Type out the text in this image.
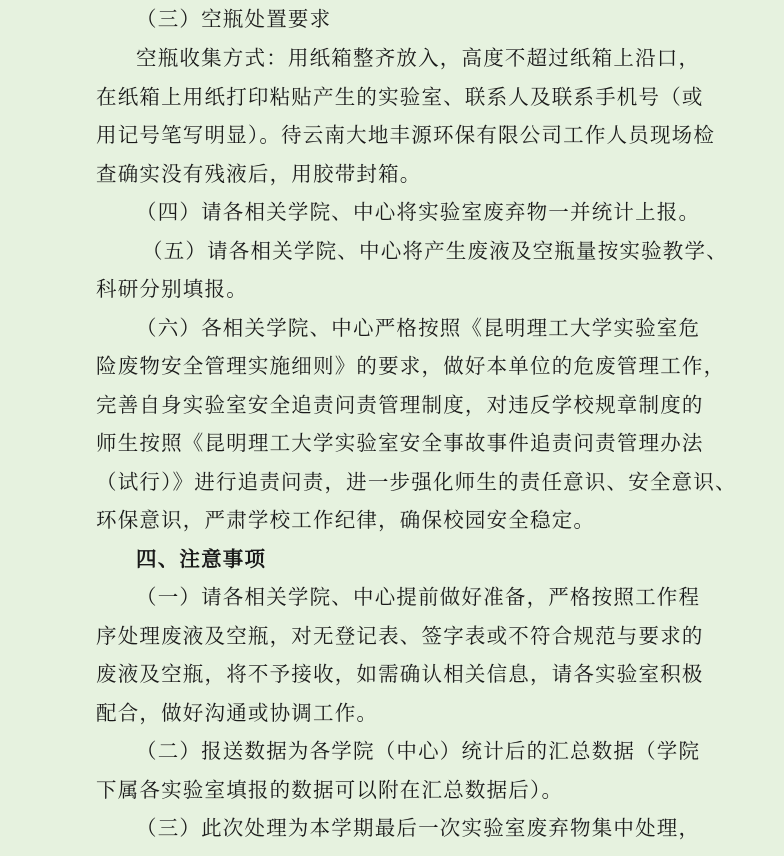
（三）空瓶处置要求
空瓶收集方式：用纸箱整齐放入，高度不超过纸箱上沿口，
在纸箱上用纸打印粘贴产生的实验室、联系人及联系手机号（或
用记号笔写明显）。待云南大地丰源环保有限公司工作人员现场检
查确实没有残液后，用胶带封箱。
（四）请各相关学院、中心将实验室废弃物一并统计上报。
（五）请各相关学院、中心将产生废液及空瓶量按实验教学、
科研分别填报。
（六）各相关学院、中心严格按照《昆明理工大学实验室危
险废物安全管理实施细则》的要求，做好本单位的危废管理工作，
完善自身实验室安全追责问责管理制度，对违反学校规章制度的
师生按照《昆明理工大学实验室安全事故事件追责问责管理办法
（试行）》进行追责问责，进一步强化师生的责任意识、安全意识、
环保意识，严肃学校工作纪律，确保校园安全稳定。
四、注意事项
（一）请各相关学院、中心提前做好准备，严格按照工作程
序处理废液及空瓶，对无登记表、签字表或不符合规范与要求的
废液及空瓶，将不予接收，如需确认相关信息，请各实验室积极
配合，做好沟通或协调工作。
（二）报送数据为各学院（中心）统计后的汇总数据（学院
下属各实验室填报的数据可以附在汇总数据后）。
（三）此次处理为本学期最后一次实验室废弃物集中处理，
